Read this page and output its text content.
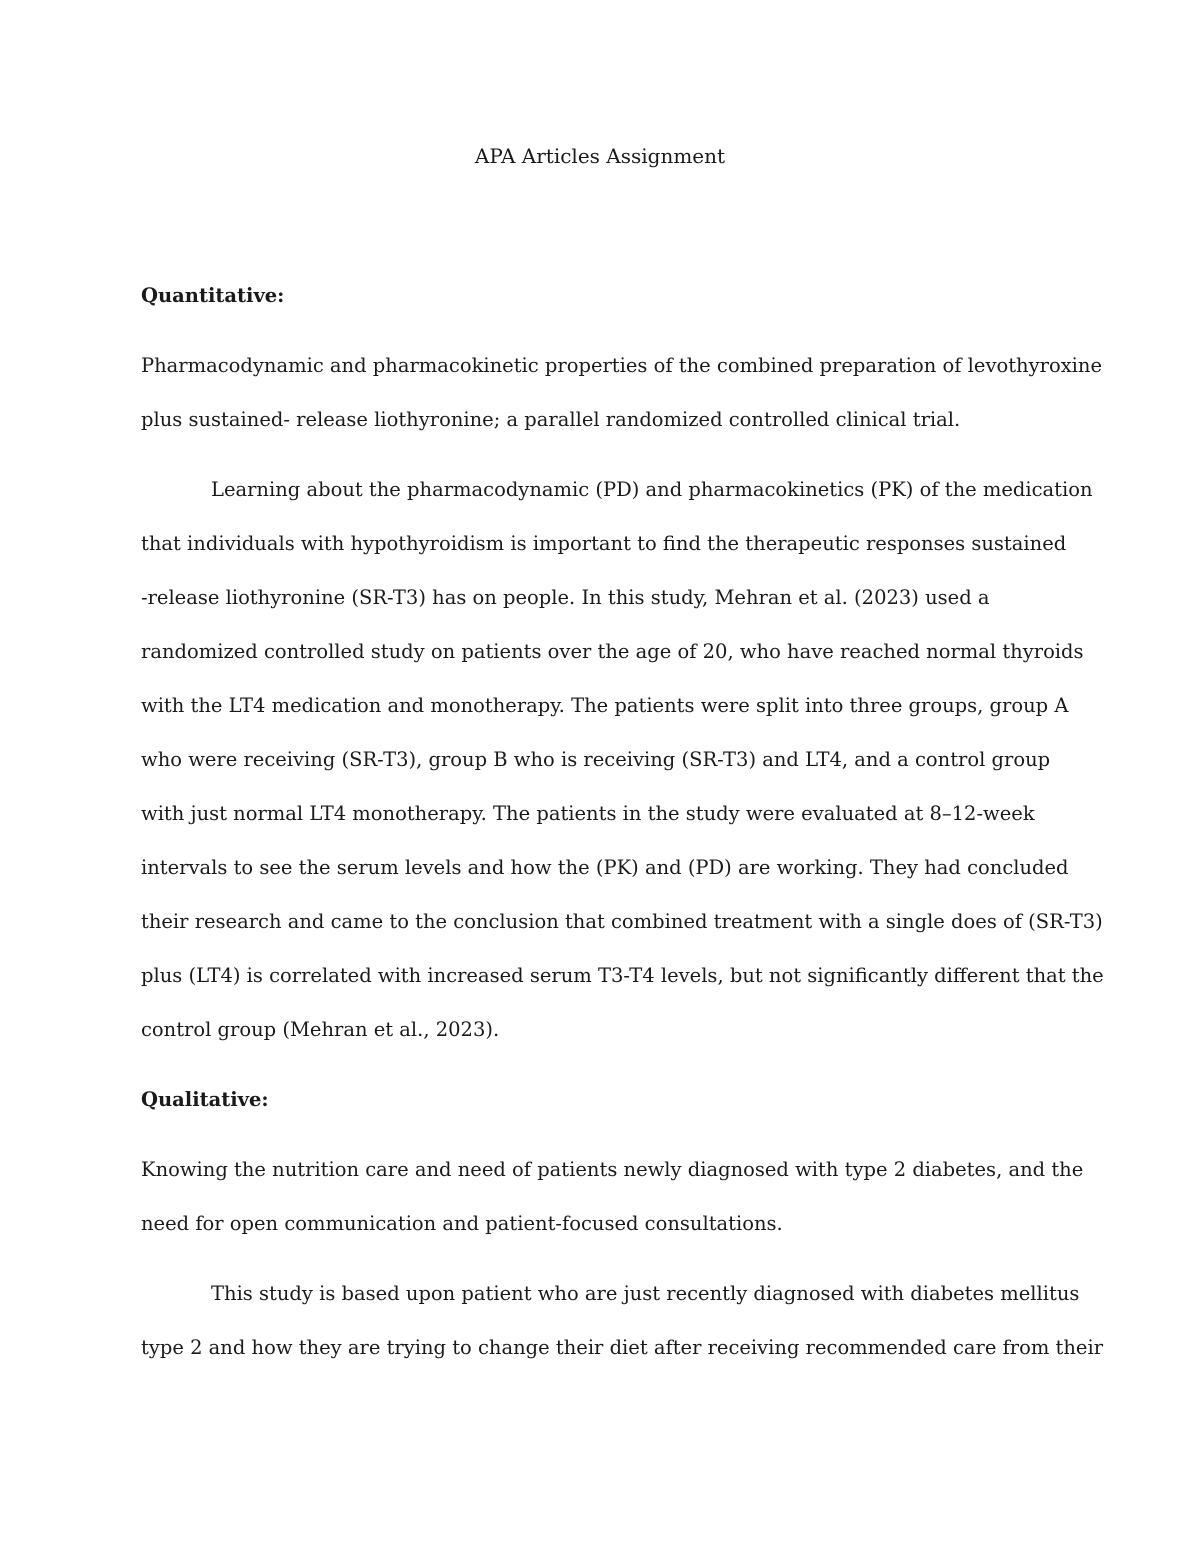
APA Articles Assignment

Quantitative:

Pharmacodynamic and pharmacokinetic properties of the combined preparation of levothyroxine

plus sustained- release liothyronine; a parallel randomized controlled clinical trial.

Learning about the pharmacodynamic (PD) and pharmacokinetics (PK) of the medication

that individuals with hypothyroidism is important to find the therapeutic responses sustained

-release liothyronine (SR-T3) has on people. In this study, Mehran et al. (2023) used a

randomized controlled study on patients over the age of 20, who have reached normal thyroids

with the LT4 medication and monotherapy. The patients were split into three groups, group A

who were receiving (SR-T3), group B who is receiving (SR-T3) and LT4, and a control group

with just normal LT4 monotherapy. The patients in the study were evaluated at 8–12-week

intervals to see the serum levels and how the (PK) and (PD) are working. They had concluded

their research and came to the conclusion that combined treatment with a single does of (SR-T3)

plus (LT4) is correlated with increased serum T3-T4 levels, but not significantly different that the

control group (Mehran et al., 2023).

Qualitative:

Knowing the nutrition care and need of patients newly diagnosed with type 2 diabetes, and the

need for open communication and patient-focused consultations.

This study is based upon patient who are just recently diagnosed with diabetes mellitus

type 2 and how they are trying to change their diet after receiving recommended care from their
